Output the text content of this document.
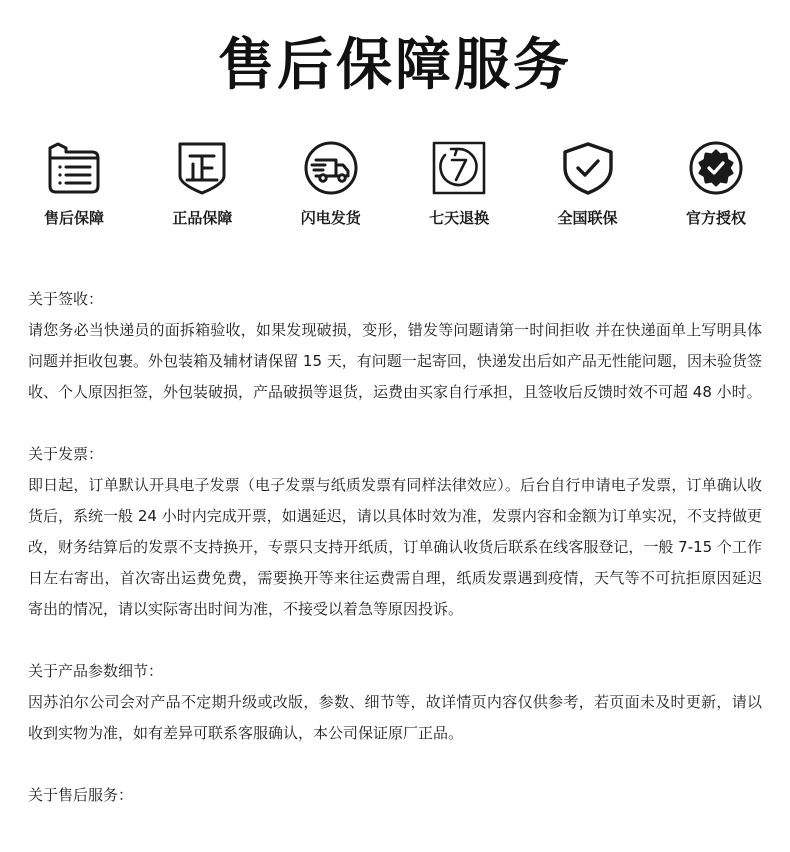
售后保障服务
售后保障	正品保障	闪电发货	七天退换	全国联保	官方授权
关于签收：
请您务必当快递员的面拆箱验收，如果发现破损，变形，错发等问题请第一时间拒收 并在快递面单上写明具体问题并拒收包裹。外包装箱及辅材请保留 15 天，有问题一起寄回，快递发出后如产品无性能问题，因未验货签收、个人原因拒签，外包装破损，产品破损等退货，运费由买家自行承担，且签收后反馈时效不可超 48 小时。
关于发票：
即日起，订单默认开具电子发票（电子发票与纸质发票有同样法律效应）。后台自行申请电子发票，订单确认收货后，系统一般 24 小时内完成开票，如遇延迟，请以具体时效为准，发票内容和金额为订单实况，不支持做更改，财务结算后的发票不支持换开，专票只支持开纸质，订单确认收货后联系在线客服登记，一般 7-15 个工作日左右寄出，首次寄出运费免费，需要换开等来往运费需自理，纸质发票遇到疫情，天气等不可抗拒原因延迟寄出的情况，请以实际寄出时间为准，不接受以着急等原因投诉。
关于产品参数细节：
因苏泊尔公司会对产品不定期升级或改版，参数、细节等，故详情页内容仅供参考，若页面未及时更新，请以收到实物为准，如有差异可联系客服确认，本公司保证原厂正品。
关于售后服务：
